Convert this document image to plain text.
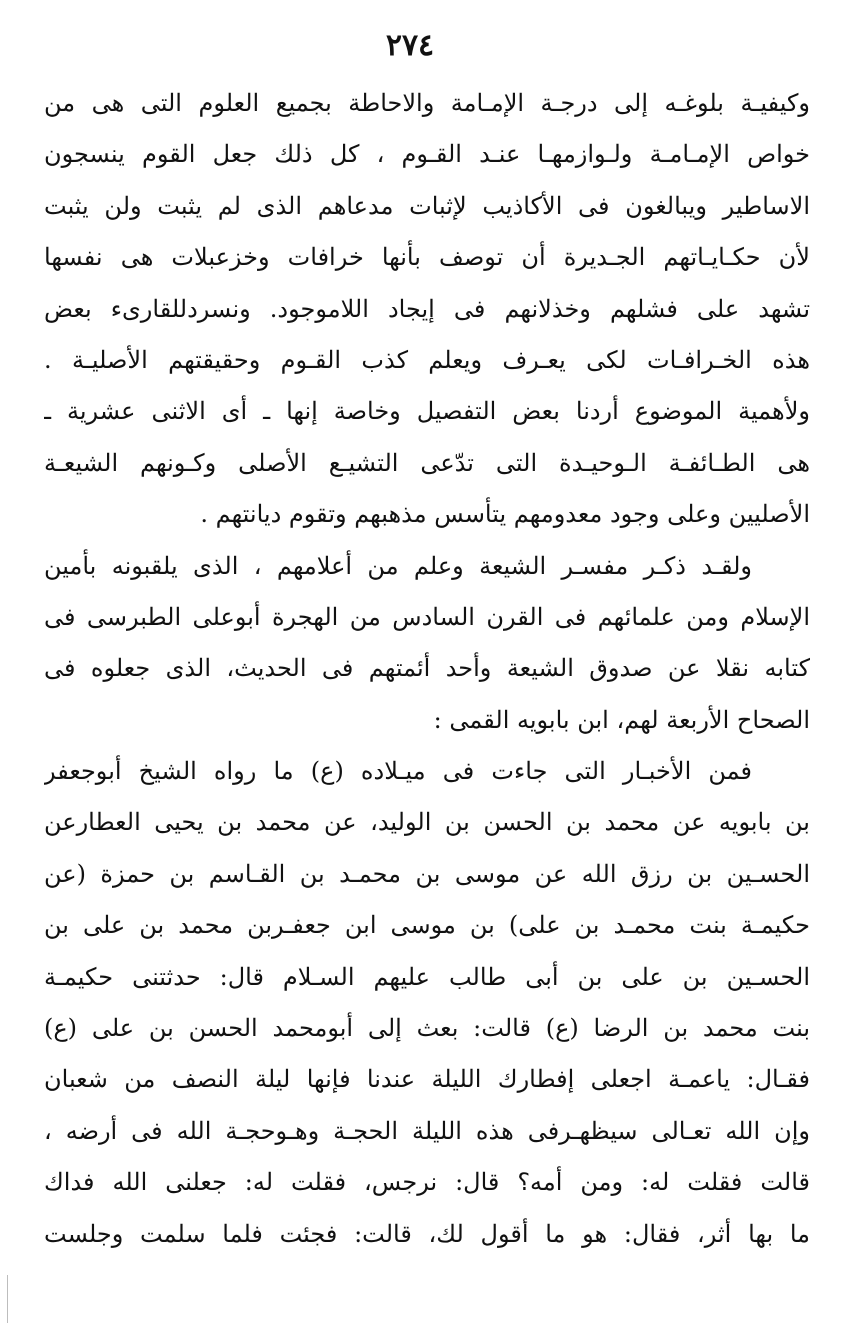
٢٧٤
وكيفيـة بلوغـه إلى درجـة الإمـامة والاحاطة بجميع العلوم التى هى من
خواص الإمـامـة ولـوازمهـا عنـد القـوم ، كل ذلك جعل القوم ينسجون
الاساطير ويبالغون فى الأكاذيب لإثبات مدعاهم الذى لم يثبت ولن يثبت
لأن حكـايـاتهم الجـديرة أن توصف بأنها خرافات وخزعبلات هى نفسها
تشهد على فشلهم وخذلانهم فى إيجاد اللاموجود. ونسردللقارىء بعض
هذه الخـرافـات لكى يعـرف ويعلم كذب القـوم وحقيقتهم الأصليـة .
ولأهمية الموضوع أردنا بعض التفصيل وخاصة إنها ـ أى الاثنى عشرية ـ
هى الطـائفـة الـوحيـدة التى تدّعى التشيـع الأصلى وكـونهم الشيعـة
الأصليين وعلى وجود معدومهم يتأسس مذهبهم وتقوم ديانتهم .
ولقـد ذكـر مفسـر الشيعة وعلم من أعلامهم ، الذى يلقبونه بأمين
الإسلام ومن علمائهم فى القرن السادس من الهجرة أبوعلى الطبرسى فى
كتابه نقلا عن صدوق الشيعة وأحد أئمتهم فى الحديث، الذى جعلوه فى
الصحاح الأربعة لهم، ابن بابويه القمى :
فمن الأخبـار التى جاءت فى ميـلاده (ع) ما رواه الشيخ أبوجعفر
بن بابويه عن محمد بن الحسن بن الوليد، عن محمد بن يحيى العطارعن
الحسـين بن رزق الله عن موسى بن محمـد بن القـاسم بن حمزة (عن
حكيمـة بنت محمـد بن على) بن موسى ابن جعفـربن محمد بن على بن
الحسـين بن على بن أبى طالب عليهم السـلام قال: حدثتنى حكيمـة
بنت محمد بن الرضا (ع) قالت: بعث إلى أبومحمد الحسن بن على (ع)
فقـال: ياعمـة اجعلى إفطارك الليلة عندنا فإنها ليلة النصف من شعبان
وإن الله تعـالى سيظهـرفى هذه الليلة الحجـة وهـوحجـة الله فى أرضه ،
قالت فقلت له: ومن أمه؟ قال: نرجس، فقلت له: جعلنى الله فداك
ما بها أثر، فقال: هو ما أقول لك، قالت: فجئت فلما سلمت وجلست
